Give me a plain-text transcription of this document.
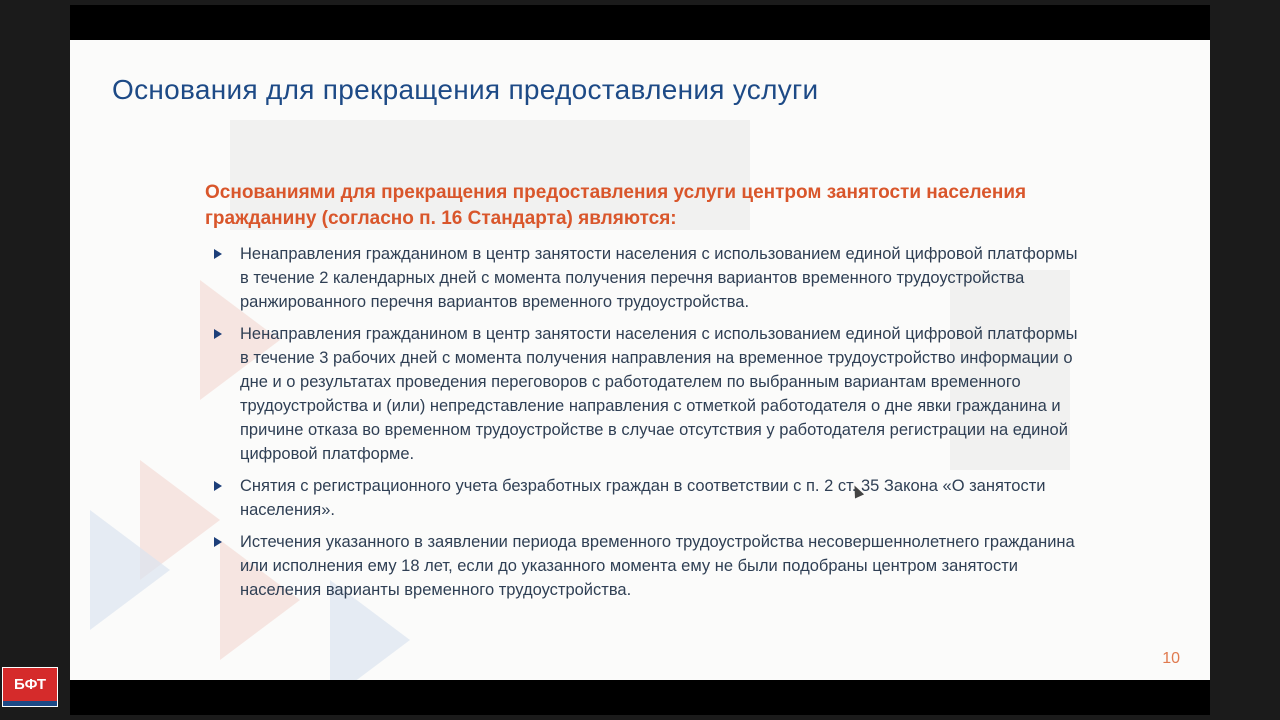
Основания для прекращения предоставления услуги
Основаниями для прекращения предоставления услуги центром занятости населения гражданину (согласно п. 16 Стандарта) являются:
Ненаправления гражданином в центр занятости населения с использованием единой цифровой платформы в течение 2 календарных дней с момента получения перечня вариантов временного трудоустройства ранжированного перечня вариантов временного трудоустройства.
Ненаправления гражданином в центр занятости населения с использованием единой цифровой платформы в течение 3 рабочих дней с момента получения направления на временное трудоустройство информации о дне и о результатах проведения переговоров с работодателем по выбранным вариантам временного трудоустройства и (или) непредставление направления с отметкой работодателя о дне явки гражданина и причине отказа во временном трудоустройстве в случае отсутствия у работодателя регистрации на единой цифровой платформе.
Снятия с регистрационного учета безработных граждан в соответствии с п. 2 ст. 35 Закона «О занятости населения».
Истечения указанного в заявлении периода временного трудоустройства несовершеннолетнего гражданина или исполнения ему 18 лет, если до указанного момента ему не были подобраны центром занятости населения варианты временного трудоустройства.
10
БФТ
